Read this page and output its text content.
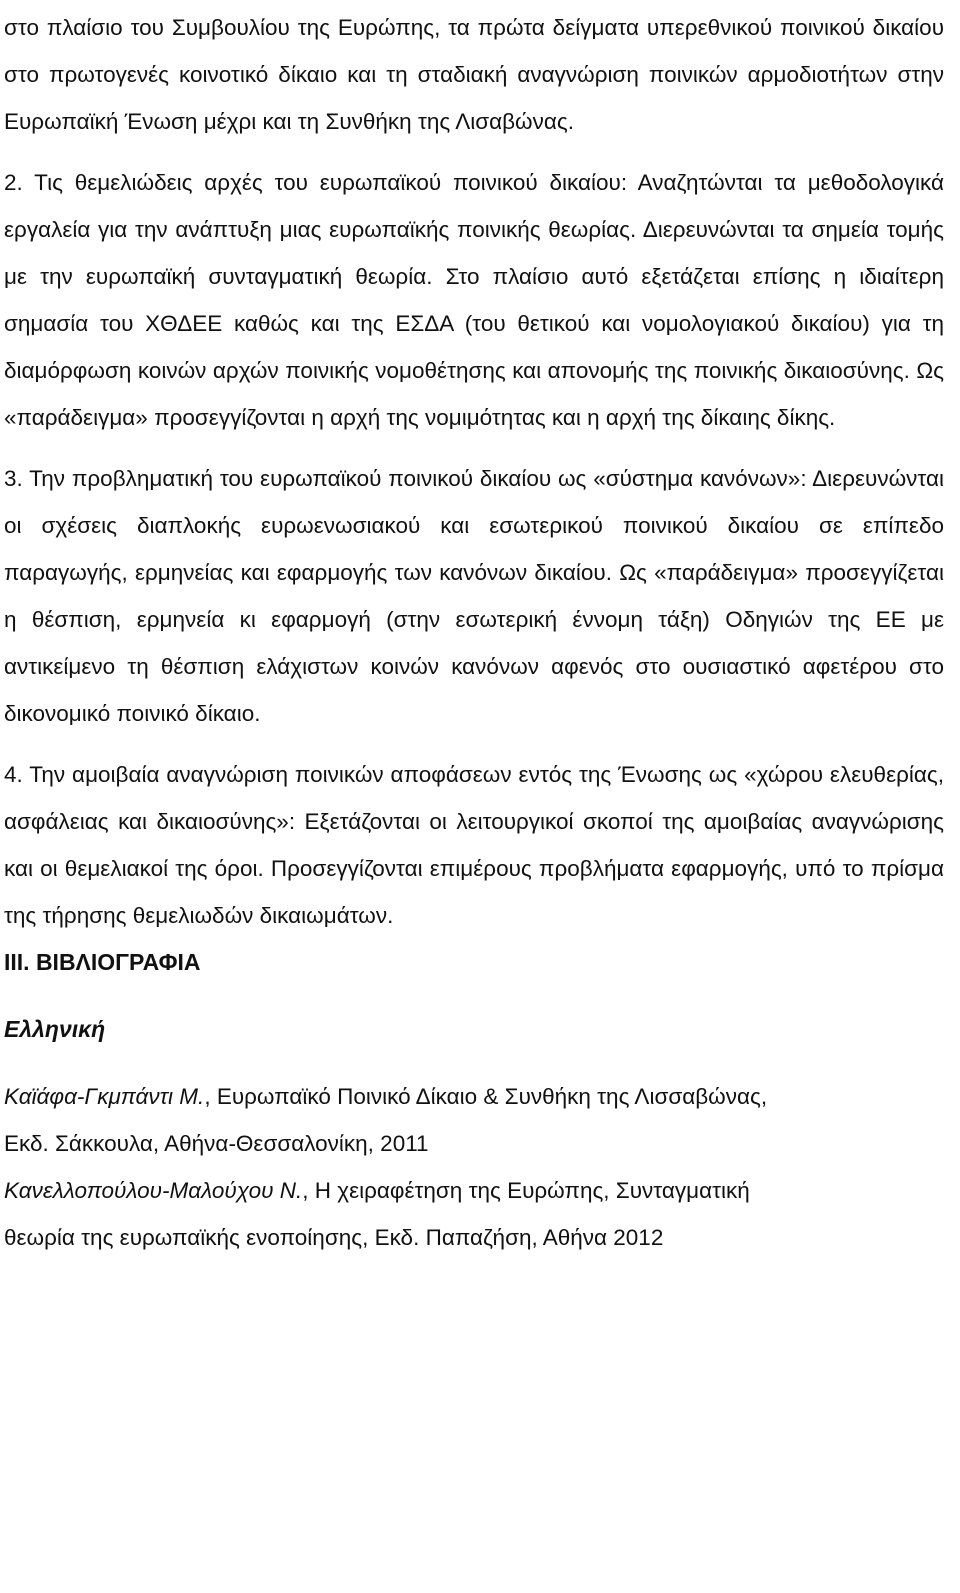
στο πλαίσιο του Συμβουλίου της Ευρώπης, τα πρώτα δείγματα υπερεθνικού ποινικού δικαίου στο πρωτογενές κοινοτικό δίκαιο και τη σταδιακή αναγνώριση ποινικών αρμοδιοτήτων στην Ευρωπαϊκή Ένωση μέχρι και τη Συνθήκη της Λισαβώνας.

2. Τις θεμελιώδεις αρχές του ευρωπαϊκού ποινικού δικαίου: Αναζητώνται τα μεθοδολογικά εργαλεία για την ανάπτυξη μιας ευρωπαϊκής ποινικής θεωρίας. Διερευνώνται τα σημεία τομής με την ευρωπαϊκή συνταγματική θεωρία. Στο πλαίσιο αυτό εξετάζεται επίσης η ιδιαίτερη σημασία του ΧΘΔΕΕ καθώς και της ΕΣΔΑ (του θετικού και νομολογιακού δικαίου) για τη διαμόρφωση κοινών αρχών ποινικής νομοθέτησης και απονομής της ποινικής δικαιοσύνης. Ως «παράδειγμα» προσεγγίζονται η αρχή της νομιμότητας και η αρχή της δίκαιης δίκης.

3. Την προβληματική του ευρωπαϊκού ποινικού δικαίου ως «σύστημα κανόνων»: Διερευνώνται οι σχέσεις διαπλοκής ευρωενωσιακού και εσωτερικού ποινικού δικαίου σε επίπεδο παραγωγής, ερμηνείας και εφαρμογής των κανόνων δικαίου. Ως «παράδειγμα» προσεγγίζεται η θέσπιση, ερμηνεία κι εφαρμογή (στην εσωτερική έννομη τάξη) Οδηγιών της ΕΕ με αντικείμενο τη θέσπιση ελάχιστων κοινών κανόνων αφενός στο ουσιαστικό αφετέρου στο δικονομικό ποινικό δίκαιο.

4. Την αμοιβαία αναγνώριση ποινικών αποφάσεων εντός της Ένωσης ως «χώρου ελευθερίας, ασφάλειας και δικαιοσύνης»: Εξετάζονται οι λειτουργικοί σκοποί της αμοιβαίας αναγνώρισης και οι θεμελιακοί της όροι. Προσεγγίζονται επιμέρους προβλήματα εφαρμογής, υπό το πρίσμα της τήρησης θεμελιωδών δικαιωμάτων.

III. ΒΙΒΛΙΟΓΡΑΦΙΑ

Ελληνική

Καϊάφα-Γκμπάντι Μ., Ευρωπαϊκό Ποινικό Δίκαιο & Συνθήκη της Λισσαβώνας,

Εκδ. Σάκκουλα, Αθήνα-Θεσσαλονίκη, 2011

Κανελλοπούλου-Μαλούχου Ν., Η χειραφέτηση της Ευρώπης, Συνταγματική

θεωρία της ευρωπαϊκής ενοποίησης, Εκδ. Παπαζήση, Αθήνα 2012
